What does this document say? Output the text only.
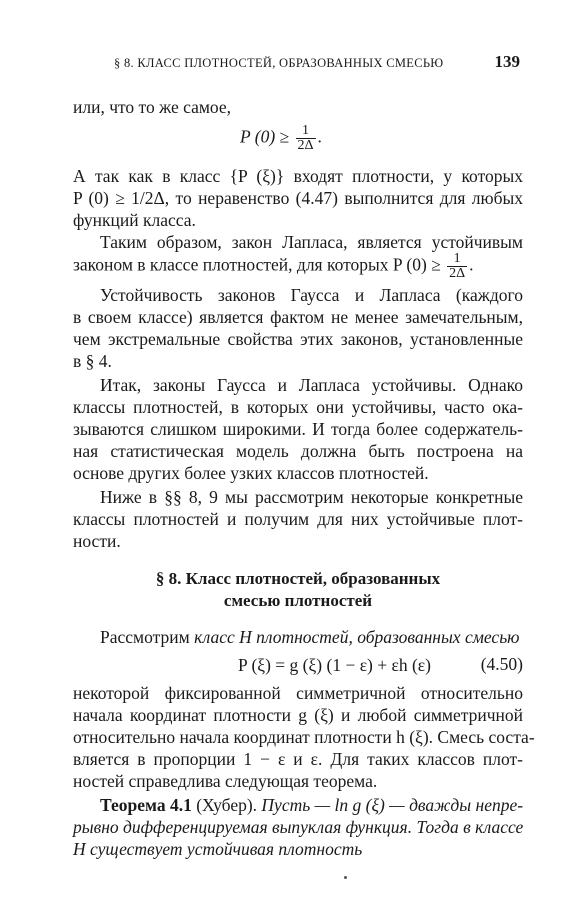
§ 8. КЛАСС ПЛОТНОСТЕЙ, ОБРАЗОВАННЫХ СМЕСЬЮ	139
или, что то же самое,
P $(0) \ge \frac{1}{2\Delta}$ .
А так как в класс {P (ξ)} входят плотности, у которых
P (0) ≥ 1/2Δ, то неравенство (4.47) выполнится для любых
функций класса.
Таким образом, закон Лапласа, является устойчивым
законом в классе плотностей, для которых P $(0) \ge \frac{1}{2\Delta}$ .
Устойчивость законов Гаусса и Лапласа (каждого
в своем классе) является фактом не менее замечательным,
чем экстремальные свойства этих законов, установленные
в § 4.
Итак, законы Гаусса и Лапласа устойчивы. Однако
классы плотностей, в которых они устойчивы, часто ока-
зываются слишком широкими. И тогда более содержатель-
ная статистическая модель должна быть построена на
основе других более узких классов плотностей.
Ниже в §§ 8, 9 мы рассмотрим некоторые конкретные
классы плотностей и получим для них устойчивые плот-
ности.
§ 8. Класс плотностей, образованных
смесью плотностей
Рассмотрим класс H плотностей, образованных смесью
P (ξ) = g (ξ) (1 − ε) + εh (ε)	(4.50)
некоторой фиксированной симметричной относительно
начала координат плотности g (ξ) и любой симметричной
относительно начала координат плотности h (ξ). Смесь соста-
вляется в пропорции 1 − ε и ε. Для таких классов плот-
ностей справедлива следующая теорема.
Теорема 4.1 (Хубер). Пусть — ln g (ξ) — дважды непре-
рывно дифференцируемая выпуклая функция. Тогда в классе
H существует устойчивая плотность
